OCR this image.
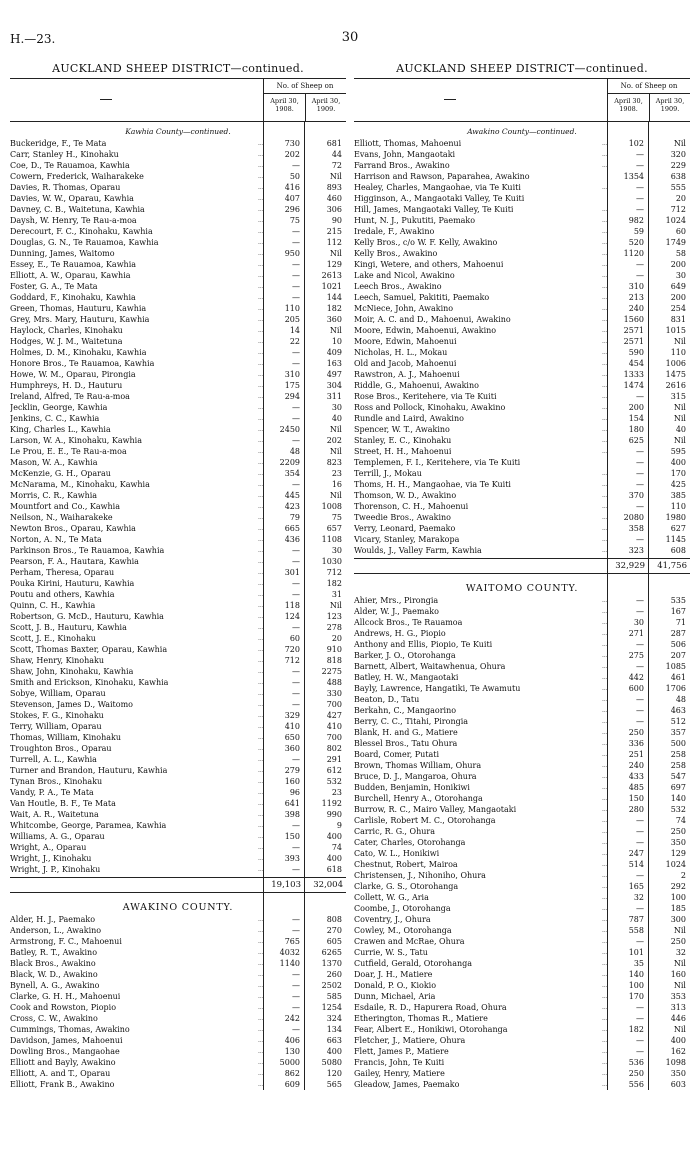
H.—23.	30
AUCKLAND SHEEP DISTRICT—continued.
No. of Sheep on
April 30, 1908.
April 30, 1909.
Kawhia County—continued.
Buckeridge, F., Te Mata	...	730	681
Carr, Stanley H., Kinohaku	...	202	44
Coe, D., Te Rauamoa, Kawhia	...	—	72
Cowern, Frederick, Waiharakeke	...	50	Nil
Davies, R. Thomas, Oparau	...	416	893
Davies, W. W., Oparau, Kawhia	...	407	460
Davney, C. B., Waitetuna, Kawhia	...	296	306
Daysh, W. Henry, Te Rau-a-moa	...	75	90
Derecourt, F. C., Kinohaku, Kawhia	...	—	215
Douglas, G. N., Te Rauamoa, Kawhia	...	—	112
Dunning, James, Waitomo	...	950	Nil
Essey, E., Te Rauamoa, Kawhia	...	—	129
Elliott, A. W., Oparau, Kawhia	...	—	2613
Foster, G. A., Te Mata	...	—	1021
Goddard, F., Kinohaku, Kawhia	...	—	144
Green, Thomas, Hauturu, Kawhia	...	110	182
Grey, Mrs. Mary, Hauturu, Kawhia	...	205	360
Haylock, Charles, Kinohaku	...	14	Nil
Hodges, W. J. M., Waitetuna	...	22	10
Holmes, D. M., Kinohaku, Kawhia	...	—	409
Honore Bros., Te Rauamoa, Kawhia	...	—	163
Howe, W. M., Oparau, Pirongia	...	310	497
Humphreys, H. D., Hauturu	...	175	304
Ireland, Alfred, Te Rau-a-moa	...	294	311
Jecklin, George, Kawhia	...	—	30
Jenkins, C. C., Kawhia	...	—	40
King, Charles L., Kawhia	...	2450	Nil
Larson, W. A., Kinohaku, Kawhia	...	—	202
Le Prou, E. E., Te Rau-a-moa	...	48	Nil
Mason, W. A., Kawhia	...	2209	823
McKenzie, G. H., Oparau	...	354	23
McNarama, M., Kinohaku, Kawhia	...	—	16
Morris, C. R., Kawhia	...	445	Nil
Mountfort and Co., Kawhia	...	423	1008
Neilson, N., Waiharakeke	...	79	75
Newton Bros., Oparau, Kawhia	...	665	657
Norton, A. N., Te Mata	...	436	1108
Parkinson Bros., Te Rauamoa, Kawhia	...	—	30
Pearson, F. A., Hautara, Kawhia	...	—	1030
Perham, Theresa, Oparau	...	301	712
Pouka Kirini, Hauturu, Kawhia	...	—	182
Poutu and others, Kawhia	...	—	31
Quinn, C. H., Kawhia	...	118	Nil
Robertson, G. McD., Hauturu, Kawhia	...	124	123
Scott, J. B., Hauturu, Kawhia	...	—	278
Scott, J. E., Kinohaku	...	60	20
Scott, Thomas Baxter, Oparau, Kawhia	...	720	910
Shaw, Henry, Kinohaku	...	712	818
Shaw, John, Kinohaku, Kawhia	...	—	2275
Smith and Erickson, Kinohaku, Kawhia	...	—	488
Sobye, William, Oparau	...	—	330
Stevenson, James D., Waitomo	...	—	700
Stokes, F. G., Kinohaku	...	329	427
Terry, William, Oparau	...	410	410
Thomas, William, Kinohaku	...	650	700
Troughton Bros., Oparau	...	360	802
Turrell, A. L., Kawhia	...	—	291
Turner and Brandon, Hauturu, Kawhia	...	279	612
Tynan Bros., Kinohaku	...	160	532
Vandy, P. A., Te Mata	...	96	23
Van Houtle, B. F., Te Mata	...	641	1192
Wait, A. R., Waitetuna	...	398	990
Whitcombe, George, Paramea, Kawhia	...	—	9
Williams, A. G., Oparau	...	150	400
Wright, A., Oparau	...	—	74
Wright, J., Kinohaku	...	393	400
Wright, J. P., Kinohaku	...	—	618
19,103	32,004
AWAKINO COUNTY.
Alder, H. J., Paemako	...	—	808
Anderson, L., Awakino	...	—	270
Armstrong, F. C., Mahoenui	...	765	605
Batley, R. T., Awakino	...	4032	6265
Black Bros., Awakino	...	1140	1370
Black, W. D., Awakino	...	—	260
Bynell, A. G., Awakino	...	—	2502
Clarke, G. H. H., Mahoenui	...	—	585
Cook and Rowston, Piopio	...	—	1254
Cross, C. W., Awakino	...	242	324
Cummings, Thomas, Awakino	...	—	134
Davidson, James, Mahoenui	...	406	663
Dowling Bros., Mangaohae	...	130	400
Elliott and Bayly, Awakino	...	5000	5080
Elliott, A. and T., Oparau	...	862	120
Elliott, Frank B., Awakino	...	609	565
AUCKLAND SHEEP DISTRICT—continued.
No. of Sheep on
April 30, 1908.
April 30, 1909.
Awakino County—continued.
Elliott, Thomas, Mahoenui	...	102	Nil
Evans, John, Mangaotaki	...	—	320
Farrand Bros., Awakino	...	—	229
Harrison and Rawson, Paparahea, Awakino	1354	638
Healey, Charles, Mangaohae, via Te Kuiti	...	—	555
Higginson, A., Mangaotaki Valley, Te Kuiti	—	20
Hill, James, Mangaotaki Valley, Te Kuiti	...	—	712
Hunt, N. J., Pukutiti, Paemako	...	982	1024
Iredale, F., Awakino	...	59	60
Kelly Bros., c/o W. F. Kelly, Awakino	...	520	1749
Kelly Bros., Awakino	...	1120	58
Kingi, Wetere, and others, Mahoenui	...	—	200
Lake and Nicol, Awakino	...	—	30
Leech Bros., Awakino	...	310	649
Leech, Samuel, Pakititi, Paemako	...	213	200
McNiece, John, Awakino	...	240	254
Moir, A. C. and D., Mahoenui, Awakino	...	1560	831
Moore, Edwin, Mahoenui, Awakino	...	2571	1015
Moore, Edwin, Mahoenui	...	2571	Nil
Nicholas, H. L., Mokau	...	590	110
Old and Jacob, Mahoenui	...	454	1006
Rawstron, A. J., Mahoenui	...	1333	1475
Riddle, G., Mahoenui, Awakino	...	1474	2616
Rose Bros., Keritehere, via Te Kuiti	...	—	315
Ross and Pollock, Kinohaku, Awakino	...	200	Nil
Rundle and Laird, Awakino	...	154	Nil
Spencer, W. T., Awakino	...	180	40
Stanley, E. C., Kinohaku	...	625	Nil
Street, H. H., Mahoenui	...	—	595
Templemen, F. I., Keritehere, via Te Kuiti	—	400
Terrill, J., Mokau	...	—	170
Thoms, H. H., Mangaohae, via Te Kuiti	...	—	425
Thomson, W. D., Awakino	...	370	385
Thorenson, C. H., Mahoenui	...	—	110
Tweedie Bros., Awakino	...	2080	1980
Verry, Leonard, Paemako	...	358	627
Vicary, Stanley, Marakopa	...	—	1145
Woulds, J., Valley Farm, Kawhia	...	323	608
32,929	41,756
WAITOMO COUNTY.
Ahier, Mrs., Pirongia	...	—	535
Alder, W. J., Paemako	...	—	167
Allcock Bros., Te Rauamoa	...	30	71
Andrews, H. G., Piopio	...	271	287
Anthony and Ellis, Piopio, Te Kuiti	...	—	506
Barker, J. O., Otorohanga	...	275	207
Barnett, Albert, Waitawhenua, Ohura	...	—	1085
Batley, H. W., Mangaotaki	...	442	461
Bayly, Lawrence, Hangatiki, Te Awamutu	...	600	1706
Beaton, D., Tatu	...	—	48
Berkahn, C., Mangaorino	...	—	463
Berry, C. C., Titahi, Pirongia	...	—	512
Blank, H. and G., Matiere	...	250	357
Blessel Bros., Tatu Ohura	...	336	500
Board, Comer, Putati	...	251	258
Brown, Thomas William, Ohura	...	240	258
Bruce, D. J., Mangaroa, Ohura	...	433	547
Budden, Benjamin, Honikiwi	...	485	697
Burchell, Henry A., Otorohanga	...	150	140
Burrow, R. C., Mairo Valley, Mangaotaki	...	280	532
Carlisle, Robert M. C., Otorohanga	...	—	74
Carric, R. G., Ohura	...	—	250
Cater, Charles, Otorohanga	...	—	350
Cato, W. L., Honikiwi	...	247	129
Chestnut, Robert, Mairoa	...	514	1024
Christensen, J., Nihoniho, Ohura	...	—	2
Clarke, G. S., Otorohanga	...	165	292
Collett, W. G., Aria	...	32	100
Coombe, J., Otorohanga	...	—	185
Coventry, J., Ohura	...	787	300
Cowley, M., Otorohanga	...	558	Nil
Crawen and McRae, Ohura	...	—	250
Currie, W. S., Tatu	...	101	32
Cutfield, Gerald, Otorohanga	...	35	Nil
Doar, J. H., Matiere	...	140	160
Donald, P. O., Kiokio	...	100	Nil
Dunn, Michael, Aria	...	170	353
Esdaile, R. D., Hapurera Road, Ohura	...	—	313
Etherington, Thomas R., Matiere	...	—	446
Fear, Albert E., Honikiwi, Otorohanga	...	182	Nil
Fletcher, J., Matiere, Ohura	...	—	400
Flett, James P., Matiere	...	—	162
Francis, John, Te Kuiti	...	536	1098
Gailey, Henry, Matiere	...	250	350
Gleadow, James, Paemako	...	556	603
